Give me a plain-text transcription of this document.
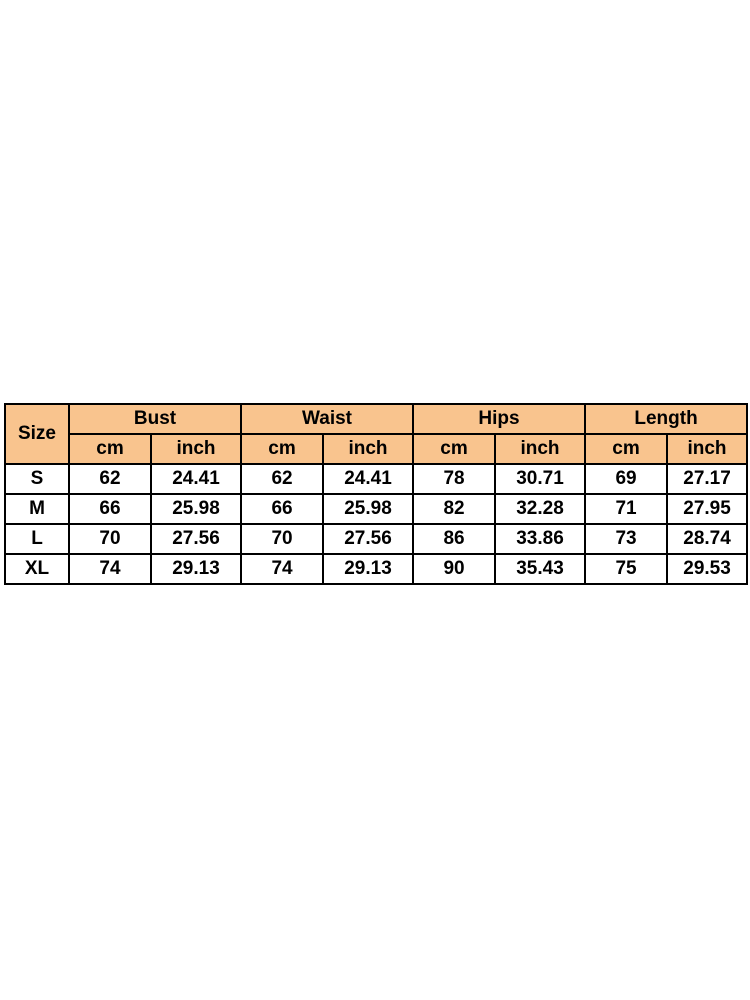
Size	Bust		Waist		Hips		Length	
	cm	inch	cm	inch	cm	inch	cm	inch
S	62	24.41	62	24.41	78	30.71	69	27.17
M	66	25.98	66	25.98	82	32.28	71	27.95
L	70	27.56	70	27.56	86	33.86	73	28.74
XL	74	29.13	74	29.13	90	35.43	75	29.53
